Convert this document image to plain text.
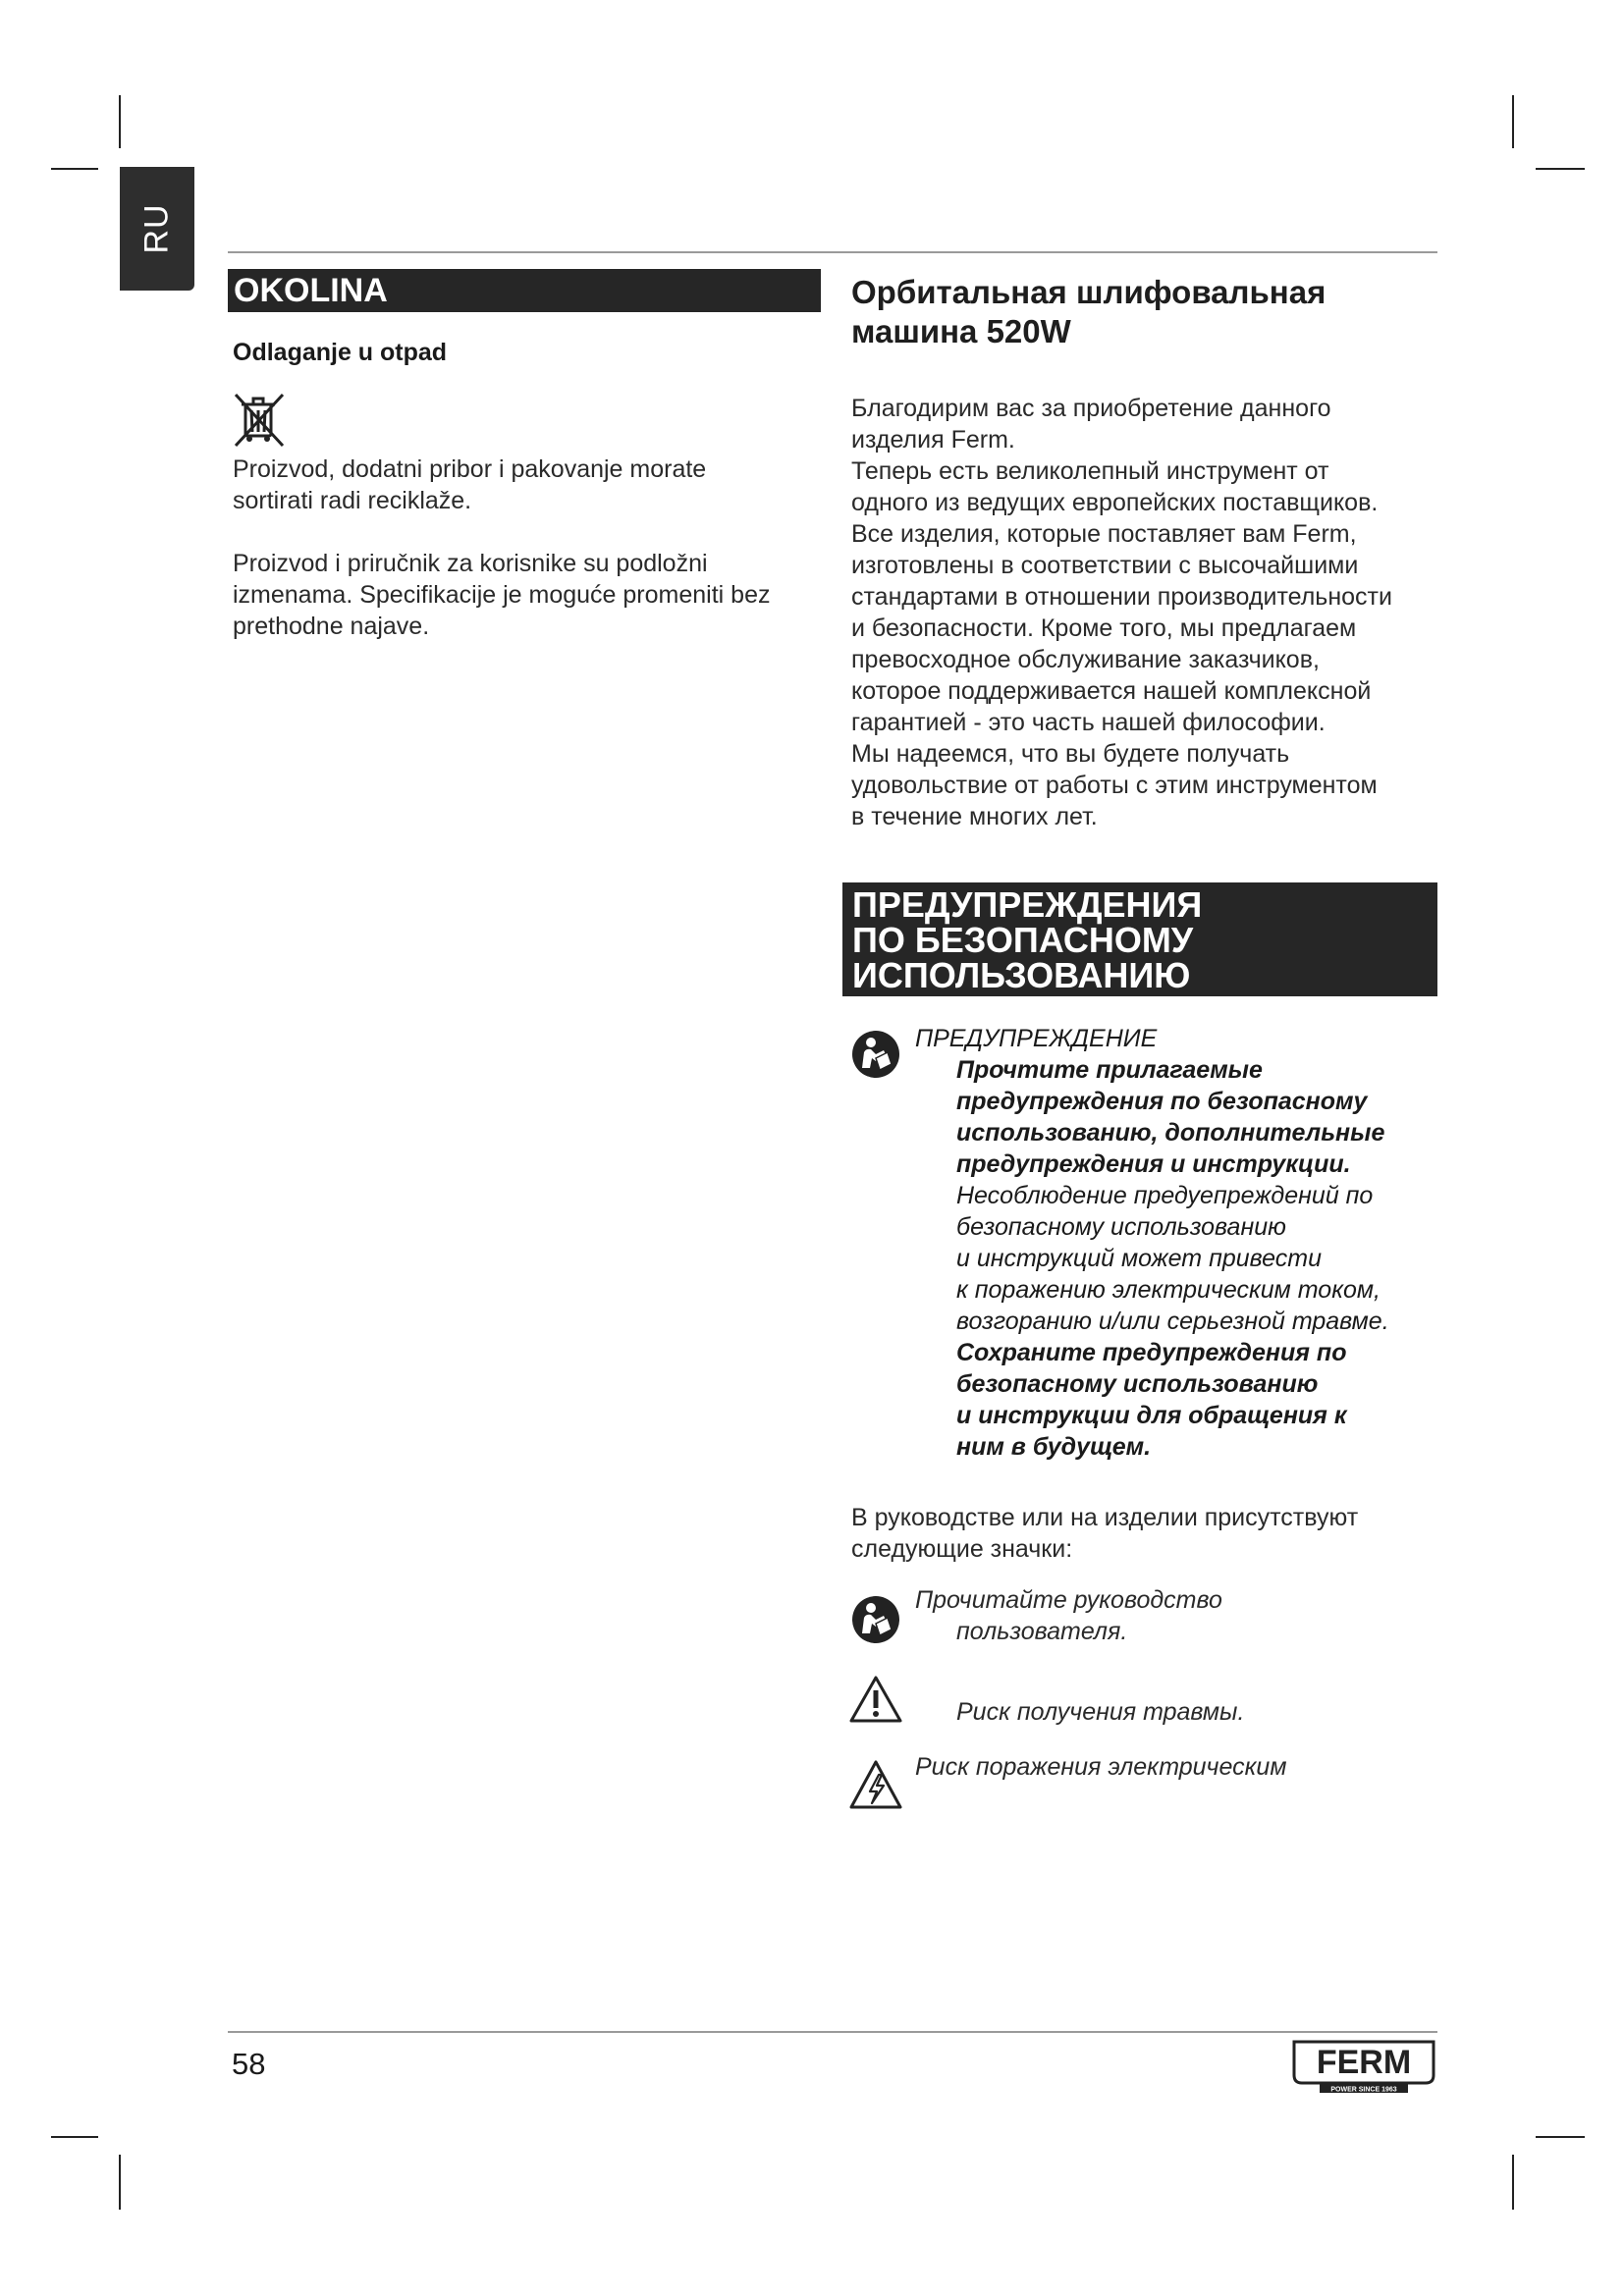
RU
OKOLINA
Odlaganje u otpad
Proizvod, dodatni pribor i pakovanje morate
sortirati radi reciklaže.
Proizvod i priručnik za korisnike su podložni
izmenama. Specifikacije je moguće promeniti bez
prethodne najave.
Орбитальная шлифовальная
машина 520W
Благодирим вас за приобретение данного
изделия Ferm.
Теперь есть великолепный инструмент от
одного из ведущих европейских поставщиков.
Все изделия, которые поставляет вам Ferm,
изготовлены в соответствии с высочайшими
стандартами в отношении производительности
и безопасности. Кроме того, мы предлагаем
превосходное обслуживание заказчиков,
которое поддерживается нашей комплексной
гарантией - это часть нашей философии.
Мы надеемся, что вы будете получать
удовольствие от работы с этим инструментом
в течение многих лет.
ПРЕДУПРЕЖДЕНИЯ
ПО БЕЗОПАСНОМУ
ИСПОЛЬЗОВАНИЮ
ПРЕДУПРЕЖДЕНИЕ
Прочтите прилагаемые
предупреждения по безопасному
использованию, дополнительные
предупреждения и инструкции.
Несоблюдение предуепреждений по
безопасному использованию
и инструкций может привести
к поражению электрическим током,
возгоранию и/или серьезной травме.
Сохраните предупреждения по
безопасному использованию
и инструкции для обращения к
ним в будущем.
В руководстве или на изделии присутствуют
следующие значки:
Прочитайте руководство
пользователя.
Риск получения травмы.
Риск поражения электрическим
58	FERM
POWER SINCE 1963
